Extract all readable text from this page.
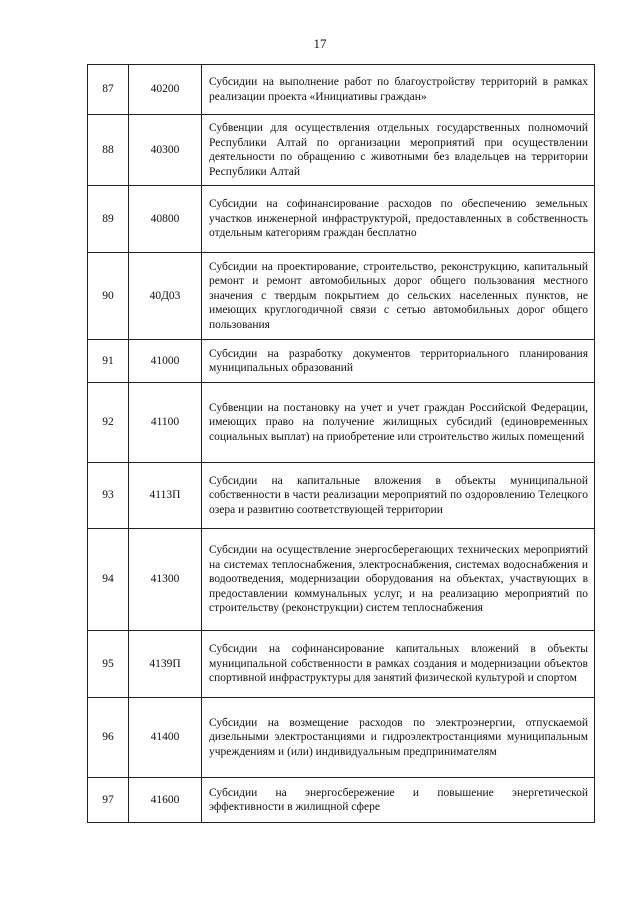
17
87	40200	Субсидии на выполнение работ по благоустройству территорий в рамках реализации проекта «Инициативы граждан»
88	40300	Субвенции для осуществления отдельных государственных полномочий Республики Алтай по организации мероприятий при осуществлении деятельности по обращению с животными без владельцев на территории Республики Алтай
89	40800	Субсидии на софинансирование расходов по обеспечению земельных участков инженерной инфраструктурой, предоставленных в собственность отдельным категориям граждан бесплатно
90	40Д03	Субсидии на проектирование, строительство, реконструкцию, капитальный ремонт и ремонт автомобильных дорог общего пользования местного значения с твердым покрытием до сельских населенных пунктов, не имеющих круглогодичной связи с сетью автомобильных дорог общего пользования
91	41000	Субсидии на разработку документов территориального планирования муниципальных образований
92	41100	Субвенции на постановку на учет и учет граждан Российской Федерации, имеющих право на получение жилищных субсидий (единовременных социальных выплат) на приобретение или строительство жилых помещений
93	4113П	Субсидии на капитальные вложения в объекты муниципальной собственности в части реализации мероприятий по оздоровлению Телецкого озера и развитию соответствующей территории
94	41300	Субсидии на осуществление энергосберегающих технических мероприятий на системах теплоснабжения, электроснабжения, системах водоснабжения и водоотведения, модернизации оборудования на объектах, участвующих в предоставлении коммунальных услуг, и на реализацию мероприятий по строительству (реконструкции) систем теплоснабжения
95	4139П	Субсидии на софинансирование капитальных вложений в объекты муниципальной собственности в рамках создания и модернизации объектов спортивной инфраструктуры для занятий физической культурой и спортом
96	41400	Субсидии на возмещение расходов по электроэнергии, отпускаемой дизельными электростанциями и гидроэлектростанциями муниципальным учреждениям и (или) индивидуальным предпринимателям
97	41600	Субсидии на энергосбережение и повышение энергетической эффективности в жилищной сфере
